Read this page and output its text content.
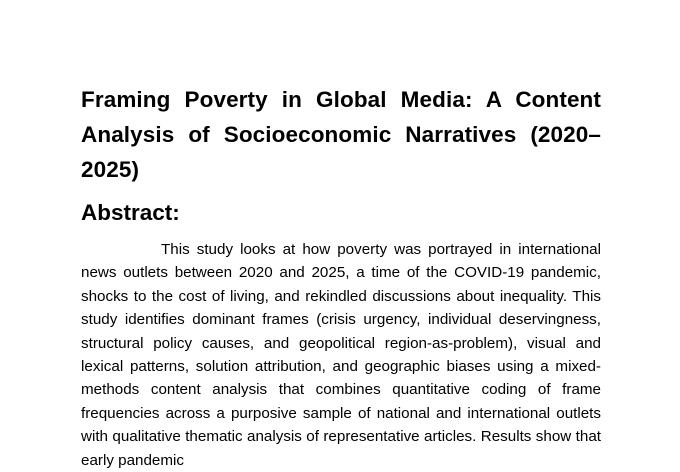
Framing Poverty in Global Media: A Content Analysis of Socioeconomic Narratives (2020–2025)
Abstract:

This study looks at how poverty was portrayed in international news outlets between 2020 and 2025, a time of the COVID-19 pandemic, shocks to the cost of living, and rekindled discussions about inequality. This study identifies dominant frames (crisis urgency, individual deservingness, structural policy causes, and geopolitical region-as-problem), visual and lexical patterns, solution attribution, and geographic biases using a mixed-methods content analysis that combines quantitative coding of frame frequencies across a purposive sample of national and international outlets with qualitative thematic analysis of representative articles. Results show that early pandemic
